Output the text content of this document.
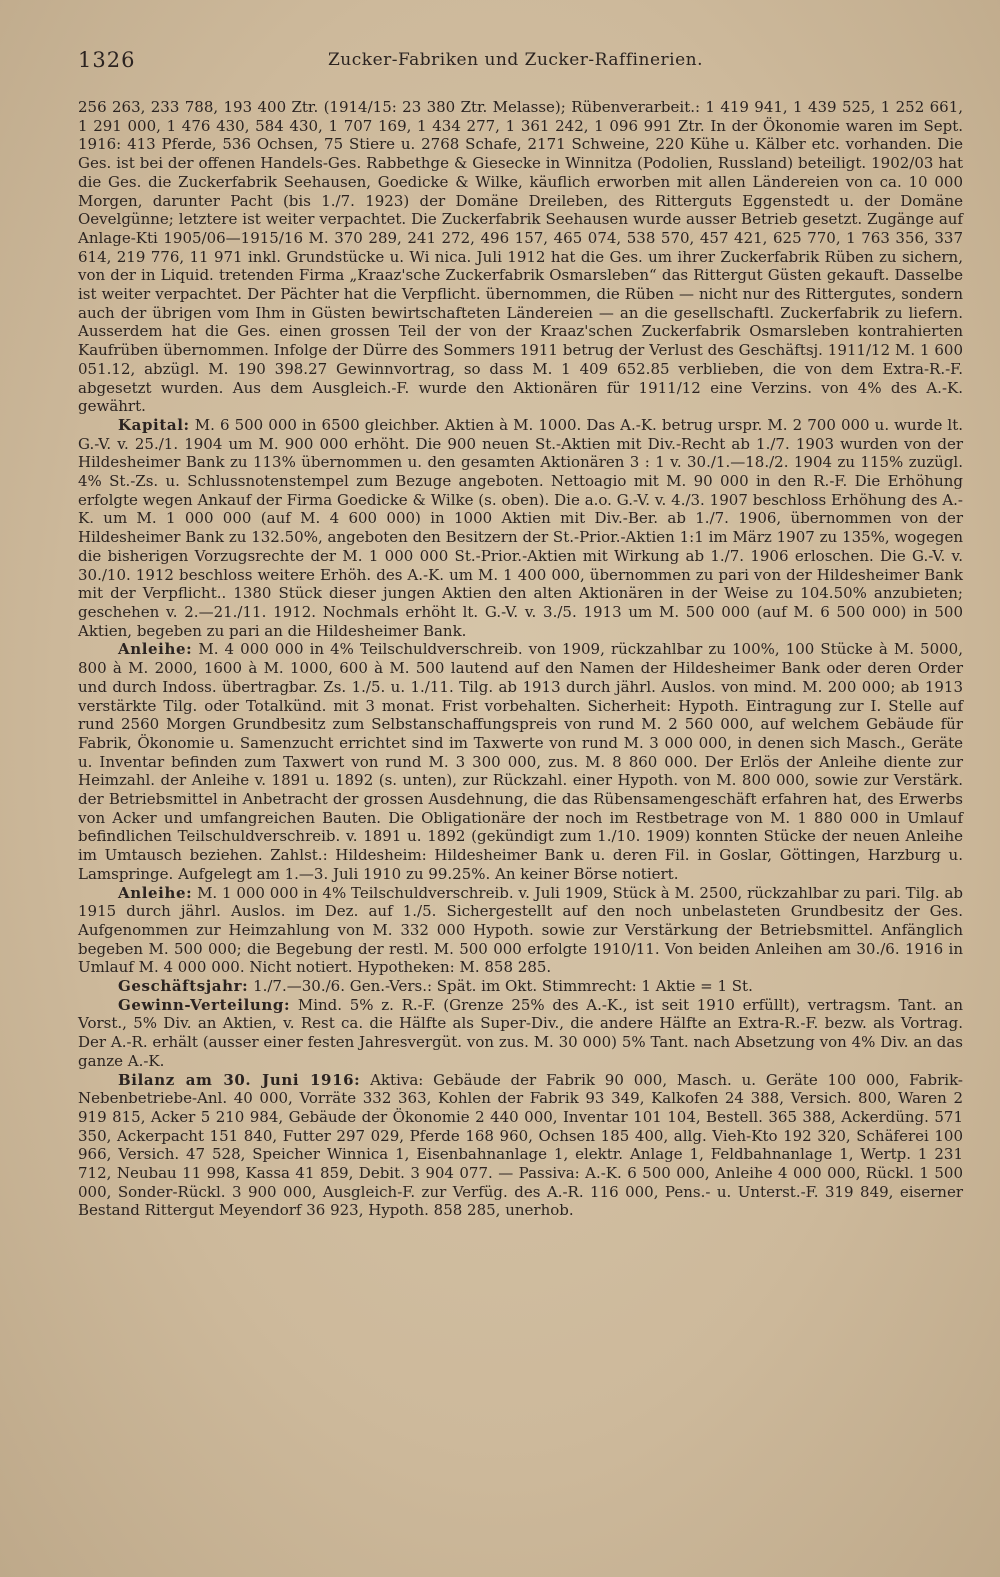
1326	Zucker-Fabriken und Zucker-Raffinerien.

256 263, 233 788, 193 400 Ztr. (1914/15: 23 380 Ztr. Melasse); Rübenverarbeit.: 1 419 941, 1 439 525, 1 252 661, 1 291 000, 1 476 430, 584 430, 1 707 169, 1 434 277, 1 361 242, 1 096 991 Ztr. In der Ökonomie waren im Sept. 1916: 413 Pferde, 536 Ochsen, 75 Stiere u. 2768 Schafe, 2171 Schweine, 220 Kühe u. Kälber etc. vorhanden. Die Ges. ist bei der offenen Handels-Ges. Rabbethge & Giesecke in Winnitza (Podolien, Russland) beteiligt. 1902/03 hat die Ges. die Zuckerfabrik Seehausen, Goedicke & Wilke, käuflich erworben mit allen Ländereien von ca. 10 000 Morgen, darunter Pacht (bis 1./7. 1923) der Domäne Dreileben, des Ritterguts Eggenstedt u. der Domäne Oevelgünne; letztere ist weiter verpachtet. Die Zuckerfabrik Seehausen wurde ausser Betrieb gesetzt. Zugänge auf Anlage-Kti 1905/06—1915/16 M. 370 289, 241 272, 496 157, 465 074, 538 570, 457 421, 625 770, 1 763 356, 337 614, 219 776, 11 971 inkl. Grundstücke u. Wi nica. Juli 1912 hat die Ges. um ihrer Zuckerfabrik Rüben zu sichern, von der in Liquid. tretenden Firma „Kraaz'sche Zuckerfabrik Osmarsleben“ das Rittergut Güsten gekauft. Dasselbe ist weiter verpachtet. Der Pächter hat die Verpflicht. übernommen, die Rüben — nicht nur des Rittergutes, sondern auch der übrigen vom Ihm in Güsten bewirtschafteten Ländereien — an die gesellschaftl. Zuckerfabrik zu liefern. Ausserdem hat die Ges. einen grossen Teil der von der Kraaz'schen Zuckerfabrik Osmarsleben kontrahierten Kaufrüben übernommen. Infolge der Dürre des Sommers 1911 betrug der Verlust des Geschäftsj. 1911/12 M. 1 600 051.12, abzügl. M. 190 398.27 Gewinnvortrag, so dass M. 1 409 652.85 verblieben, die von dem Extra-R.-F. abgesetzt wurden. Aus dem Ausgleich.-F. wurde den Aktionären für 1911/12 eine Verzins. von 4% des A.-K. gewährt.

Kapital: M. 6 500 000 in 6500 gleichber. Aktien à M. 1000. Das A.-K. betrug urspr. M. 2 700 000 u. wurde lt. G.-V. v. 25./1. 1904 um M. 900 000 erhöht. Die 900 neuen St.-Aktien mit Div.-Recht ab 1./7. 1903 wurden von der Hildesheimer Bank zu 113% übernommen u. den gesamten Aktionären 3 : 1 v. 30./1.—18./2. 1904 zu 115% zuzügl. 4% St.-Zs. u. Schlussnotenstempel zum Bezuge angeboten. Nettoagio mit M. 90 000 in den R.-F. Die Erhöhung erfolgte wegen Ankauf der Firma Goedicke & Wilke (s. oben). Die a.o. G.-V. v. 4./3. 1907 beschloss Erhöhung des A.-K. um M. 1 000 000 (auf M. 4 600 000) in 1000 Aktien mit Div.-Ber. ab 1./7. 1906, übernommen von der Hildesheimer Bank zu 132.50%, angeboten den Besitzern der St.-Prior.-Aktien 1:1 im März 1907 zu 135%, wogegen die bisherigen Vorzugsrechte der M. 1 000 000 St.-Prior.-Aktien mit Wirkung ab 1./7. 1906 erloschen. Die G.-V. v. 30./10. 1912 beschloss weitere Erhöh. des A.-K. um M. 1 400 000, übernommen zu pari von der Hildesheimer Bank mit der Verpflicht.. 1380 Stück dieser jungen Aktien den alten Aktionären in der Weise zu 104.50% anzubieten; geschehen v. 2.—21./11. 1912. Nochmals erhöht lt. G.-V. v. 3./5. 1913 um M. 500 000 (auf M. 6 500 000) in 500 Aktien, begeben zu pari an die Hildesheimer Bank.

Anleihe: M. 4 000 000 in 4% Teilschuldverschreib. von 1909, rückzahlbar zu 100%, 100 Stücke à M. 5000, 800 à M. 2000, 1600 à M. 1000, 600 à M. 500 lautend auf den Namen der Hildesheimer Bank oder deren Order und durch Indoss. übertragbar. Zs. 1./5. u. 1./11. Tilg. ab 1913 durch jährl. Auslos. von mind. M. 200 000; ab 1913 verstärkte Tilg. oder Totalkünd. mit 3 monat. Frist vorbehalten. Sicherheit: Hypoth. Eintragung zur I. Stelle auf rund 2560 Morgen Grundbesitz zum Selbstanschaffungspreis von rund M. 2 560 000, auf welchem Gebäude für Fabrik, Ökonomie u. Samenzucht errichtet sind im Taxwerte von rund M. 3 000 000, in denen sich Masch., Geräte u. Inventar befinden zum Taxwert von rund M. 3 300 000, zus. M. 8 860 000. Der Erlös der Anleihe diente zur Heimzahl. der Anleihe v. 1891 u. 1892 (s. unten), zur Rückzahl. einer Hypoth. von M. 800 000, sowie zur Verstärk. der Betriebsmittel in Anbetracht der grossen Ausdehnung, die das Rübensamengeschäft erfahren hat, des Erwerbs von Acker und umfangreichen Bauten. Die Obligationäre der noch im Restbetrage von M. 1 880 000 in Umlauf befindlichen Teilschuldverschreib. v. 1891 u. 1892 (gekündigt zum 1./10. 1909) konnten Stücke der neuen Anleihe im Umtausch beziehen. Zahlst.: Hildesheim: Hildesheimer Bank u. deren Fil. in Goslar, Göttingen, Harzburg u. Lamspringe. Aufgelegt am 1.—3. Juli 1910 zu 99.25%. An keiner Börse notiert.

Anleihe: M. 1 000 000 in 4% Teilschuldverschreib. v. Juli 1909, Stück à M. 2500, rückzahlbar zu pari. Tilg. ab 1915 durch jährl. Auslos. im Dez. auf 1./5. Sichergestellt auf den noch unbelasteten Grundbesitz der Ges. Aufgenommen zur Heimzahlung von M. 332 000 Hypoth. sowie zur Verstärkung der Betriebsmittel. Anfänglich begeben M. 500 000; die Begebung der restl. M. 500 000 erfolgte 1910/11. Von beiden Anleihen am 30./6. 1916 in Umlauf M. 4 000 000. Nicht notiert. Hypotheken: M. 858 285.

Geschäftsjahr: 1./7.—30./6. Gen.-Vers.: Spät. im Okt. Stimmrecht: 1 Aktie = 1 St.

Gewinn-Verteilung: Mind. 5% z. R.-F. (Grenze 25% des A.-K., ist seit 1910 erfüllt), vertragsm. Tant. an Vorst., 5% Div. an Aktien, v. Rest ca. die Hälfte als Super-Div., die andere Hälfte an Extra-R.-F. bezw. als Vortrag. Der A.-R. erhält (ausser einer festen Jahresvergüt. von zus. M. 30 000) 5% Tant. nach Absetzung von 4% Div. an das ganze A.-K.

Bilanz am 30. Juni 1916: Aktiva: Gebäude der Fabrik 90 000, Masch. u. Geräte 100 000, Fabrik-Nebenbetriebe-Anl. 40 000, Vorräte 332 363, Kohlen der Fabrik 93 349, Kalkofen 24 388, Versich. 800, Waren 2 919 815, Acker 5 210 984, Gebäude der Ökonomie 2 440 000, Inventar 101 104, Bestell. 365 388, Ackerdüng. 571 350, Ackerpacht 151 840, Futter 297 029, Pferde 168 960, Ochsen 185 400, allg. Vieh-Kto 192 320, Schäferei 100 966, Versich. 47 528, Speicher Winnica 1, Eisenbahnanlage 1, elektr. Anlage 1, Feldbahnanlage 1, Wertp. 1 231 712, Neubau 11 998, Kassa 41 859, Debit. 3 904 077. — Passiva: A.-K. 6 500 000, Anleihe 4 000 000, Rückl. 1 500 000, Sonder-Rückl. 3 900 000, Ausgleich-F. zur Verfüg. des A.-R. 116 000, Pens.- u. Unterst.-F. 319 849, eiserner Bestand Rittergut Meyendorf 36 923, Hypoth. 858 285, unerhob.
